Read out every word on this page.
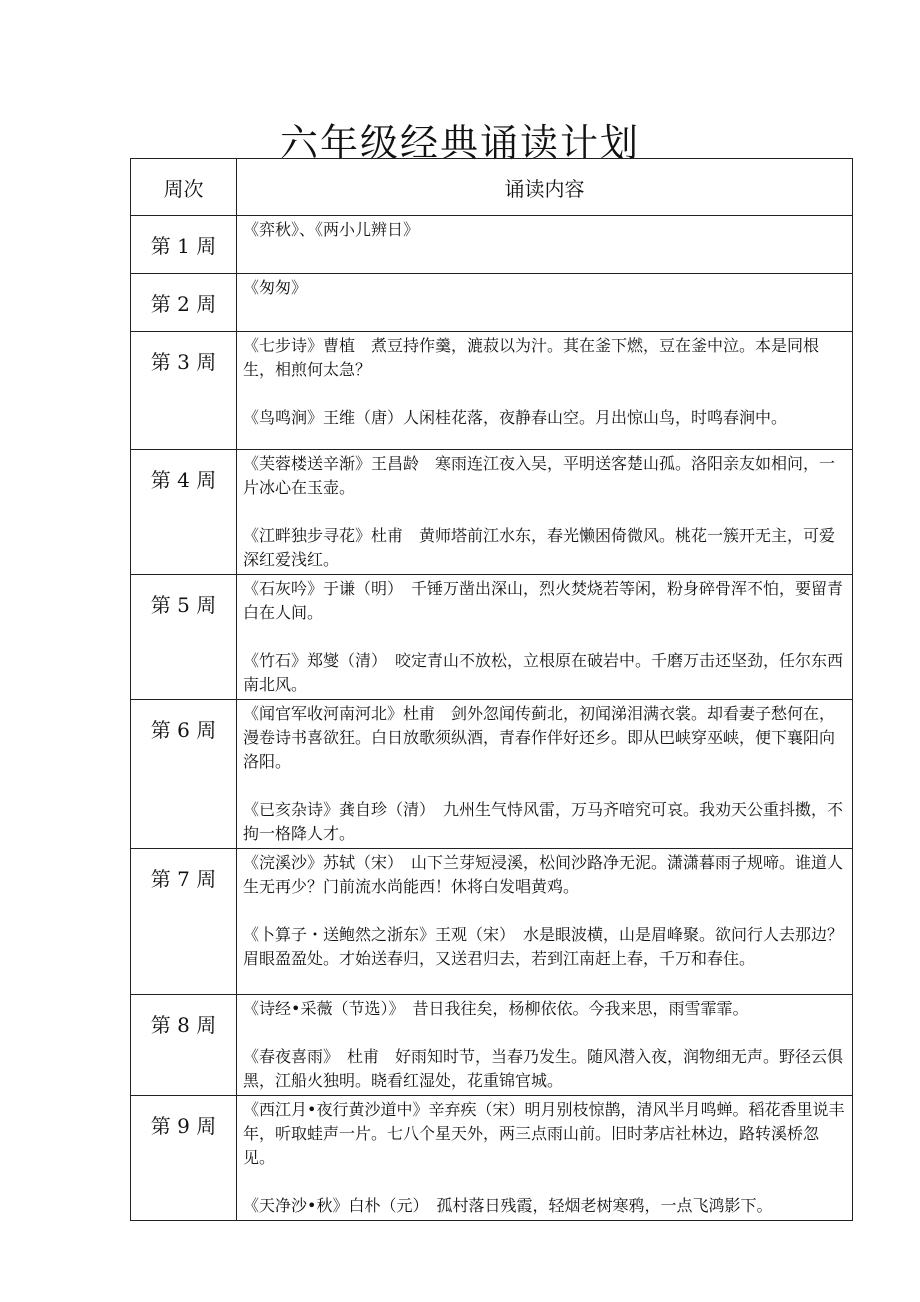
六年级经典诵读计划
周次	诵读内容
第 1 周	《弈秋》、《两小儿辨日》

第 2 周	《匆匆》

第 3 周	《七步诗》曹植　煮豆持作羹，漉菽以为汁。萁在釜下燃，豆在釜中泣。本是同根生，相煎何太急？

《鸟鸣涧》王维（唐）人闲桂花落，夜静春山空。月出惊山鸟，时鸣春涧中。

第 4 周	《芙蓉楼送辛渐》王昌龄　寒雨连江夜入吴，平明送客楚山孤。洛阳亲友如相问，一片冰心在玉壶。

《江畔独步寻花》杜甫　黄师塔前江水东，春光懒困倚微风。桃花一簇开无主，可爱深红爱浅红。

第 5 周	《石灰吟》于谦（明）　千锤万凿出深山，烈火焚烧若等闲，粉身碎骨浑不怕，要留青白在人间。

《竹石》郑燮（清）　咬定青山不放松，立根原在破岩中。千磨万击还坚劲，任尔东西南北风。

第 6 周	《闻官军收河南河北》杜甫　剑外忽闻传蓟北，初闻涕泪满衣裳。却看妻子愁何在，漫卷诗书喜欲狂。白日放歌须纵酒，青春作伴好还乡。即从巴峡穿巫峡，便下襄阳向洛阳。

《已亥杂诗》龚自珍（清）　九州生气恃风雷，万马齐喑究可哀。我劝天公重抖擞，不拘一格降人才。

第 7 周	《浣溪沙》苏轼（宋）　山下兰芽短浸溪，松间沙路净无泥。潇潇暮雨子规啼。谁道人生无再少？门前流水尚能西！休将白发唱黄鸡。

《卜算子・送鲍然之浙东》王观（宋）　水是眼波横，山是眉峰聚。欲问行人去那边？眉眼盈盈处。才始送春归，又送君归去，若到江南赶上春，千万和春住。

第 8 周	《诗经•采薇（节选）》　昔日我往矣，杨柳依依。今我来思，雨雪霏霏。

《春夜喜雨》　杜甫　好雨知时节，当春乃发生。随风潜入夜，润物细无声。野径云俱黑，江船火独明。晓看红湿处，花重锦官城。

第 9 周	《西江月•夜行黄沙道中》辛弃疾（宋）明月别枝惊鹊，清风半月鸣蝉。稻花香里说丰年，听取蛙声一片。七八个星天外，两三点雨山前。旧时茅店社林边，路转溪桥忽见。

《天净沙•秋》白朴（元）　孤村落日残霞，轻烟老树寒鸦，一点飞鸿影下。
